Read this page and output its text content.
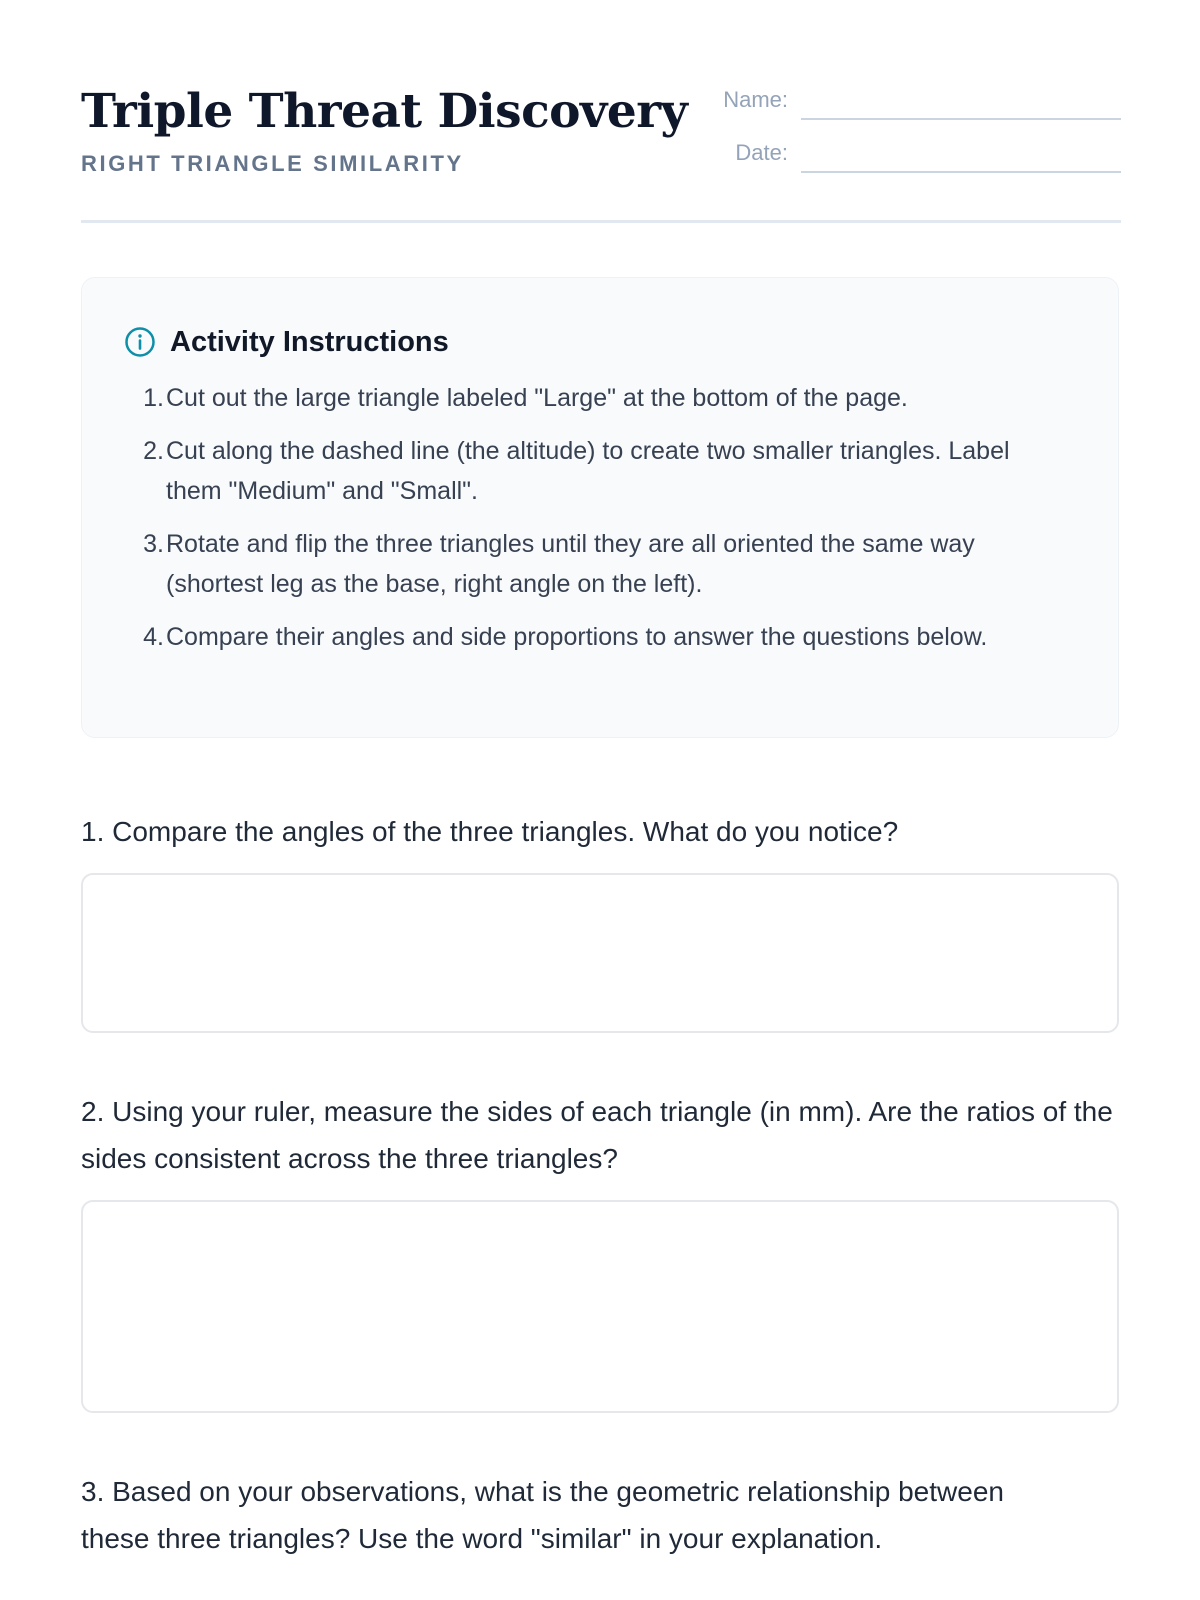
Triple Threat Discovery
RIGHT TRIANGLE SIMILARITY
Name:
Date:
Activity Instructions
1. Cut out the large triangle labeled "Large" at the bottom of the page.
2. Cut along the dashed line (the altitude) to create two smaller triangles. Label them "Medium" and "Small".
3. Rotate and flip the three triangles until they are all oriented the same way (shortest leg as the base, right angle on the left).
4. Compare their angles and side proportions to answer the questions below.

1. Compare the angles of the three triangles. What do you notice?

2. Using your ruler, measure the sides of each triangle (in mm). Are the ratios of the sides consistent across the three triangles?

3. Based on your observations, what is the geometric relationship between these three triangles? Use the word "similar" in your explanation.
